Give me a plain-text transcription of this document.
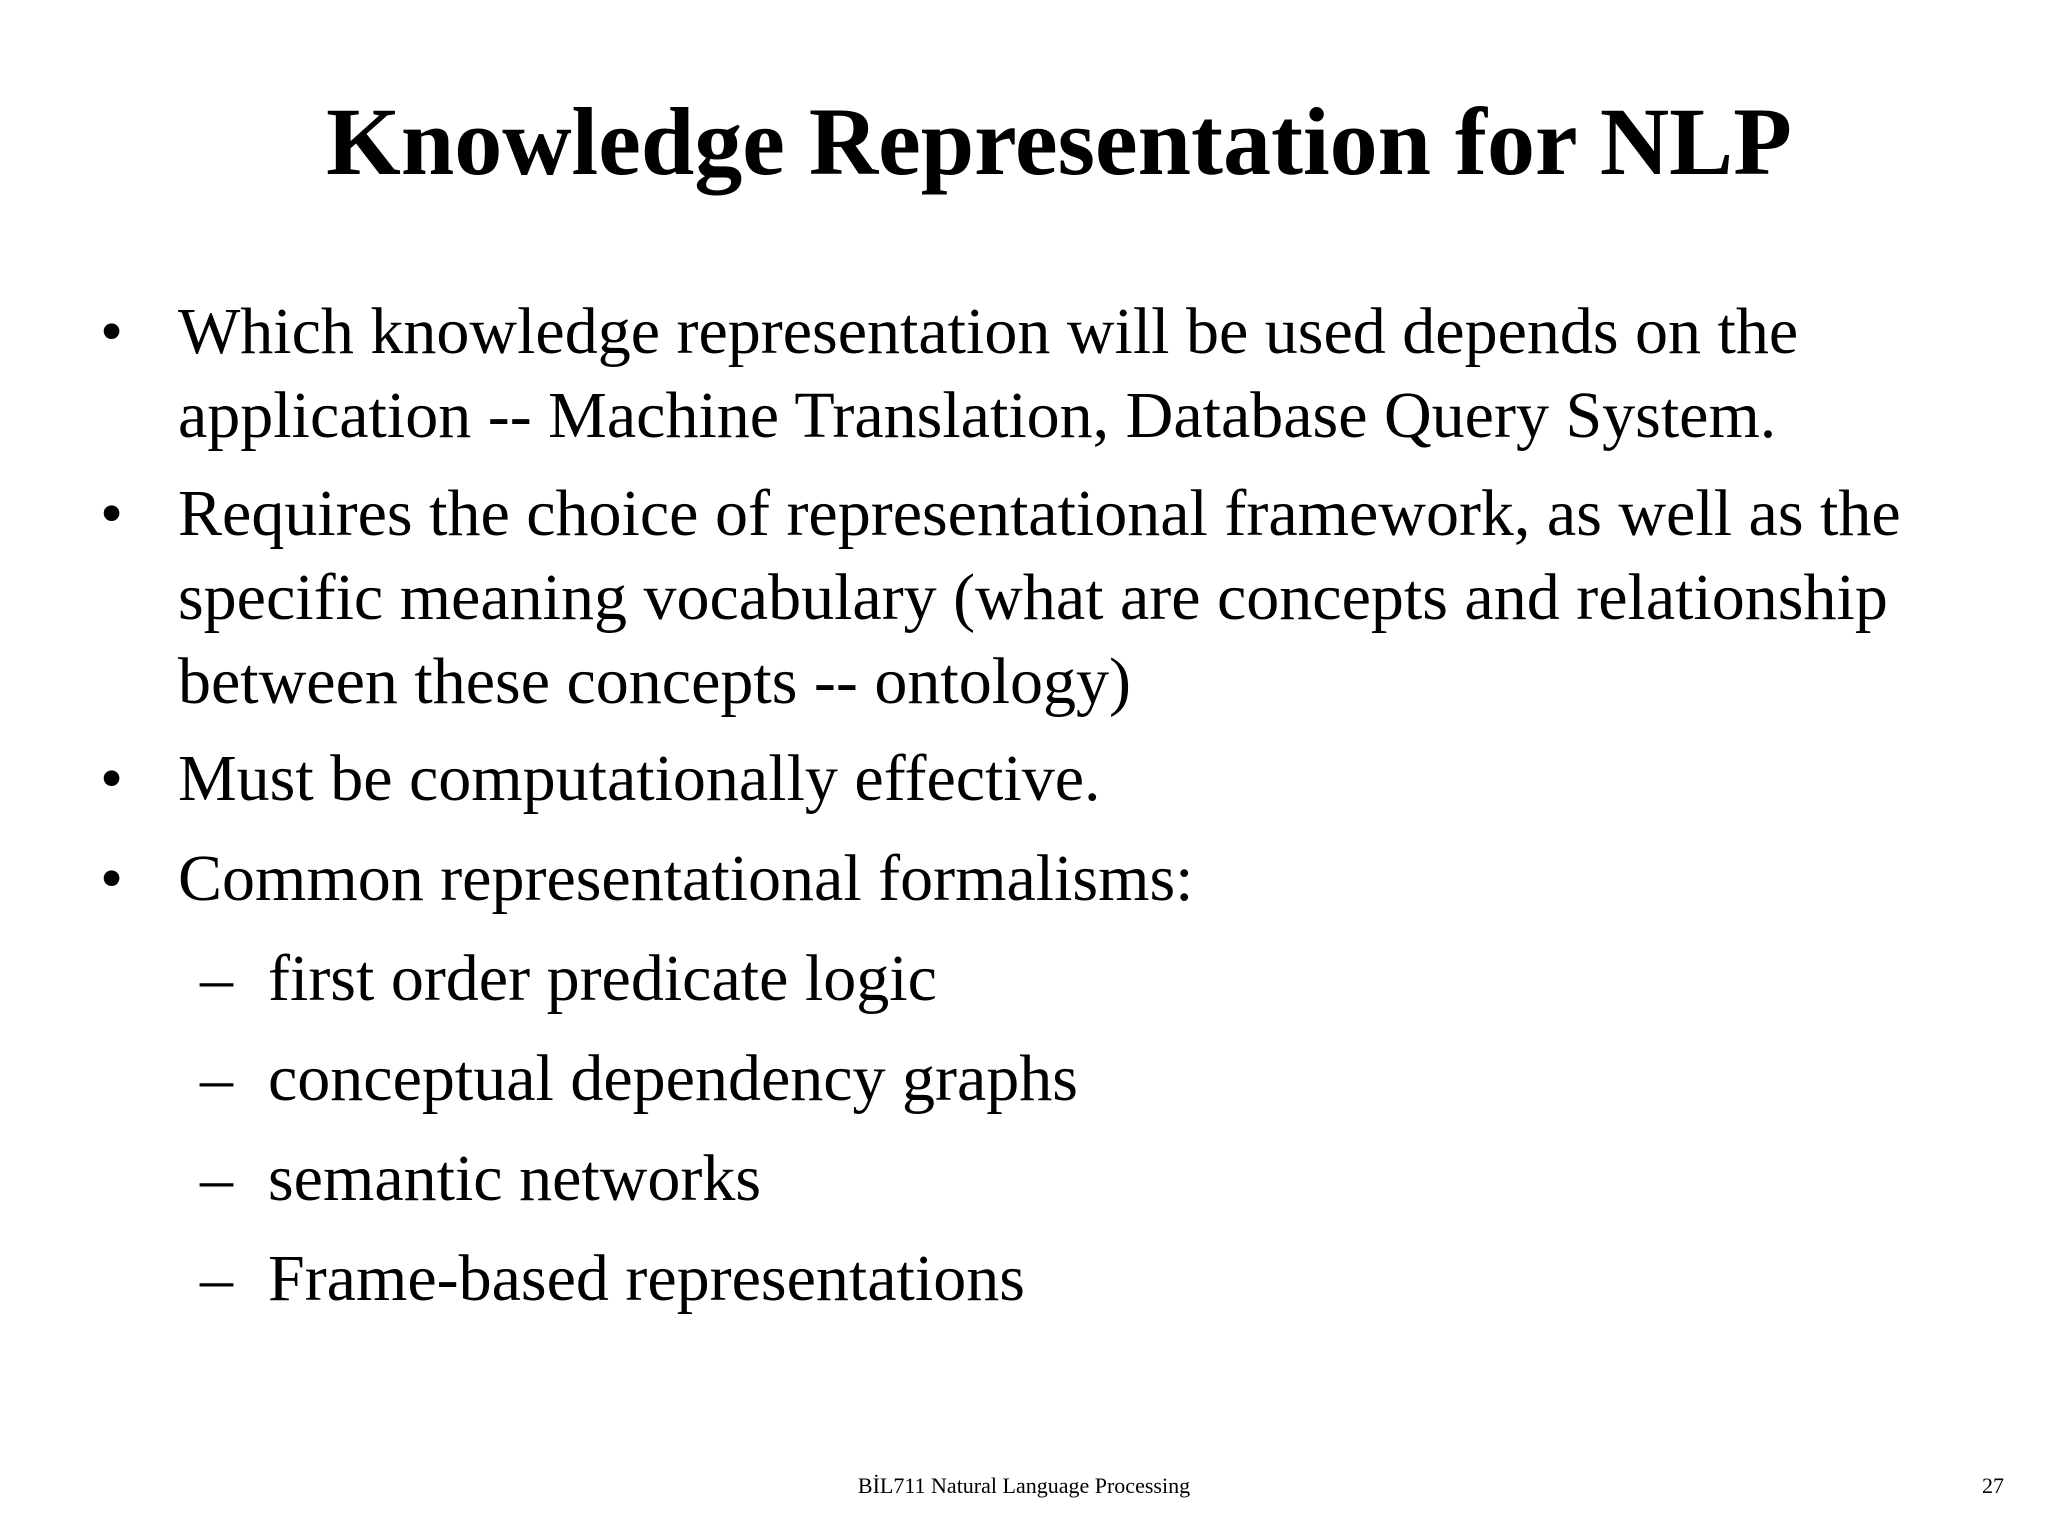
Knowledge Representation for NLP
• Which knowledge representation will be used depends on the
application -- Machine Translation, Database Query System.
• Requires the choice of representational framework, as well as the
specific meaning vocabulary (what are concepts and relationship
between these concepts -- ontology)
• Must be computationally effective.
• Common representational formalisms:
– first order predicate logic
– conceptual dependency graphs
– semantic networks
– Frame-based representations
BİL711 Natural Language Processing	27
